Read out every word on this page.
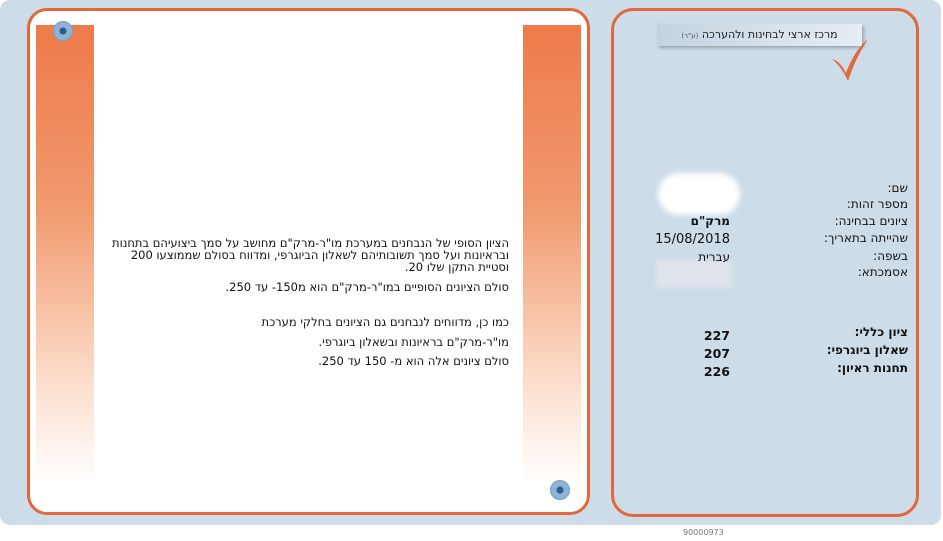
הציון הסופי של הנבחנים במערכת מו"ר-מרק"ם מחושב על סמך ביצועיהם בתחנות ובראיונות ועל סמך תשובותיהם לשאלון הביוגרפי, ומדווח בסולם שממוצעו 200 וסטיית התקן שלו 20.
סולם הציונים הסופיים במו"ר-מרק"ם הוא מ150- עד 250.
כמו כן, מדווחים לנבחנים גם הציונים בחלקי מערכת
מו"ר-מרק"ם בראיונות ובשאלון ביוגרפי.
סולם ציונים אלה הוא מ- 150 עד 250.
מרכז ארצי לבחינות ולהערכה (ע"ר)
שם:
מספר זהות:
ציונים בבחינה:
מרק"ם
שהייתה בתאריך:
15/08/2018
בשפה:
עברית
אסמכתא:
ציון כללי:
227
שאלון ביוגרפי:
207
תחנות ראיון:
226
90000973
